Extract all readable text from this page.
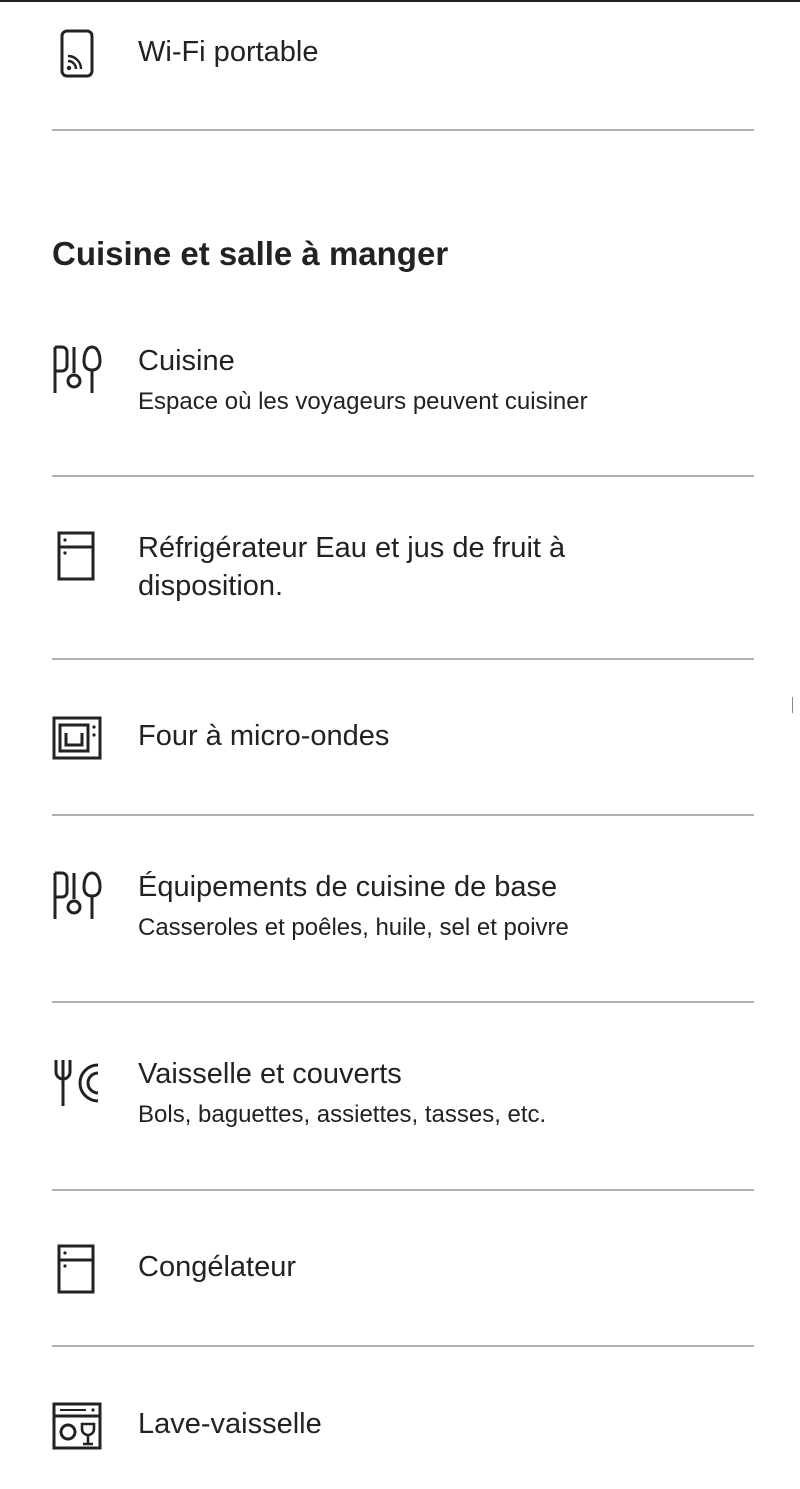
Wi-Fi portable

Cuisine et salle à manger

Cuisine

Espace où les voyageurs peuvent cuisiner

Réfrigérateur Eau et jus de fruit à disposition.

Four à micro-ondes

Équipements de cuisine de base

Casseroles et poêles, huile, sel et poivre

Vaisselle et couverts

Bols, baguettes, assiettes, tasses, etc.

Congélateur

Lave-vaisselle
